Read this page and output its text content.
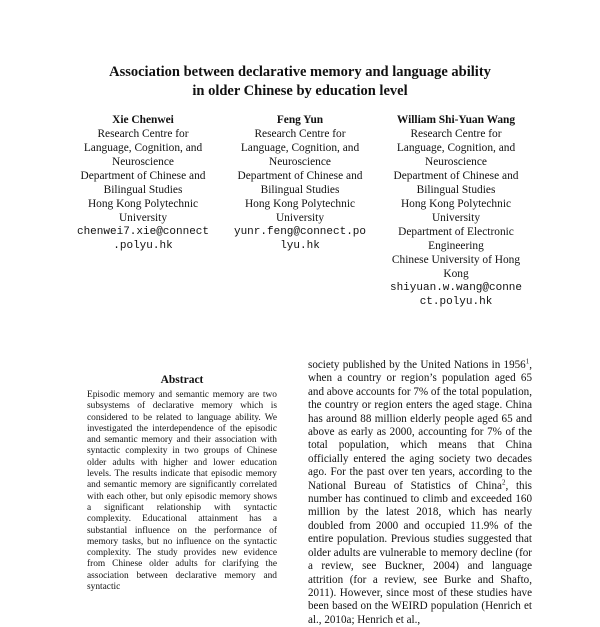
Association between declarative memory and language ability
in older Chinese by education level
Xie Chenwei
Research Centre for
Language, Cognition, and
Neuroscience
Department of Chinese and
Bilingual Studies
Hong Kong Polytechnic
University
chenwei7.xie@connect
.polyu.hk
Feng Yun
Research Centre for
Language, Cognition, and
Neuroscience
Department of Chinese and
Bilingual Studies
Hong Kong Polytechnic
University
yunr.feng@connect.po
lyu.hk
William Shi-Yuan Wang
Research Centre for
Language, Cognition, and
Neuroscience
Department of Chinese and
Bilingual Studies
Hong Kong Polytechnic
University
Department of Electronic
Engineering
Chinese University of Hong
Kong
shiyuan.w.wang@conne
ct.polyu.hk
Abstract

Episodic memory and semantic memory are two subsystems of declarative memory which is considered to be related to language ability. We investigated the interdependence of the episodic and semantic memory and their association with syntactic complexity in two groups of Chinese older adults with higher and lower education levels. The results indicate that episodic memory and semantic memory are significantly correlated with each other, but only episodic memory shows a significant relationship with syntactic complexity. Educational attainment has a substantial influence on the performance of memory tasks, but no influence on the syntactic complexity. The study provides new evidence from Chinese older adults for clarifying the association between declarative memory and syntactic

society published by the United Nations in 1956$^1$, when a country or region’s population aged 65 and above accounts for 7% of the total population, the country or region enters the aged stage. China has around 88 million elderly people aged 65 and above as early as 2000, accounting for 7% of the total population, which means that China officially entered the aging society two decades ago. For the past over ten years, according to the National Bureau of Statistics of China$^2$, this number has continued to climb and exceeded 160 million by the latest 2018, which has nearly doubled from 2000 and occupied 11.9% of the entire population. Previous studies suggested that older adults are vulnerable to memory decline (for a review, see Buckner, 2004) and language attrition (for a review, see Burke and Shafto, 2011). However, since most of these studies have been based on the WEIRD population (Henrich et al., 2010a; Henrich et al.,
